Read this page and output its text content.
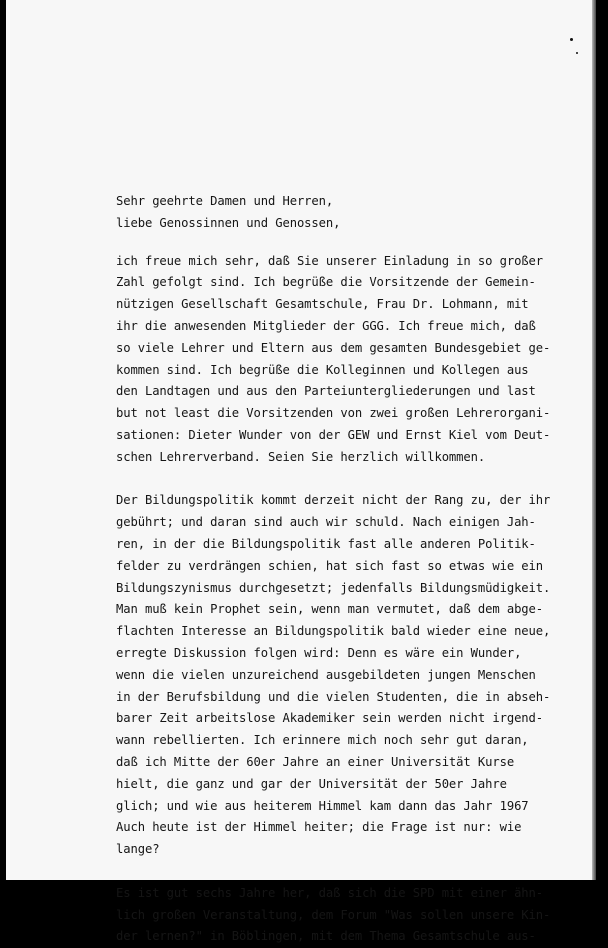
Sehr geehrte Damen und Herren,
liebe Genossinnen und Genossen,
ich freue mich sehr, daß Sie unserer Einladung in so großer
Zahl gefolgt sind. Ich begrüße die Vorsitzende der Gemein-
nützigen Gesellschaft Gesamtschule, Frau Dr. Lohmann, mit
ihr die anwesenden Mitglieder der GGG. Ich freue mich, daß
so viele Lehrer und Eltern aus dem gesamten Bundesgebiet ge-
kommen sind. Ich begrüße die Kolleginnen und Kollegen aus
den Landtagen und aus den Parteiuntergliederungen und last
but not least die Vorsitzenden von zwei großen Lehrerorgani-
sationen: Dieter Wunder von der GEW und Ernst Kiel vom Deut-
schen Lehrerverband. Seien Sie herzlich willkommen.
Der Bildungspolitik kommt derzeit nicht der Rang zu, der ihr
gebührt; und daran sind auch wir schuld. Nach einigen Jah-
ren, in der die Bildungspolitik fast alle anderen Politik-
felder zu verdrängen schien, hat sich fast so etwas wie ein
Bildungszynismus durchgesetzt; jedenfalls Bildungsmüdigkeit.
Man muß kein Prophet sein, wenn man vermutet, daß dem abge-
flachten Interesse an Bildungspolitik bald wieder eine neue,
erregte Diskussion folgen wird: Denn es wäre ein Wunder,
wenn die vielen unzureichend ausgebildeten jungen Menschen
in der Berufsbildung und die vielen Studenten, die in abseh-
barer Zeit arbeitslose Akademiker sein werden nicht irgend-
wann rebellierten. Ich erinnere mich noch sehr gut daran,
daß ich Mitte der 60er Jahre an einer Universität Kurse
hielt, die ganz und gar der Universität der 50er Jahre
glich; und wie aus heiterem Himmel kam dann das Jahr 1967
Auch heute ist der Himmel heiter; die Frage ist nur: wie
lange?
Es ist gut sechs Jahre her, daß sich die SPD mit einer ähn-
lich großen Veranstaltung, dem Forum "Was sollen unsere Kin-
der lernen?" in Böblingen, mit dem Thema Gesamtschule aus-
